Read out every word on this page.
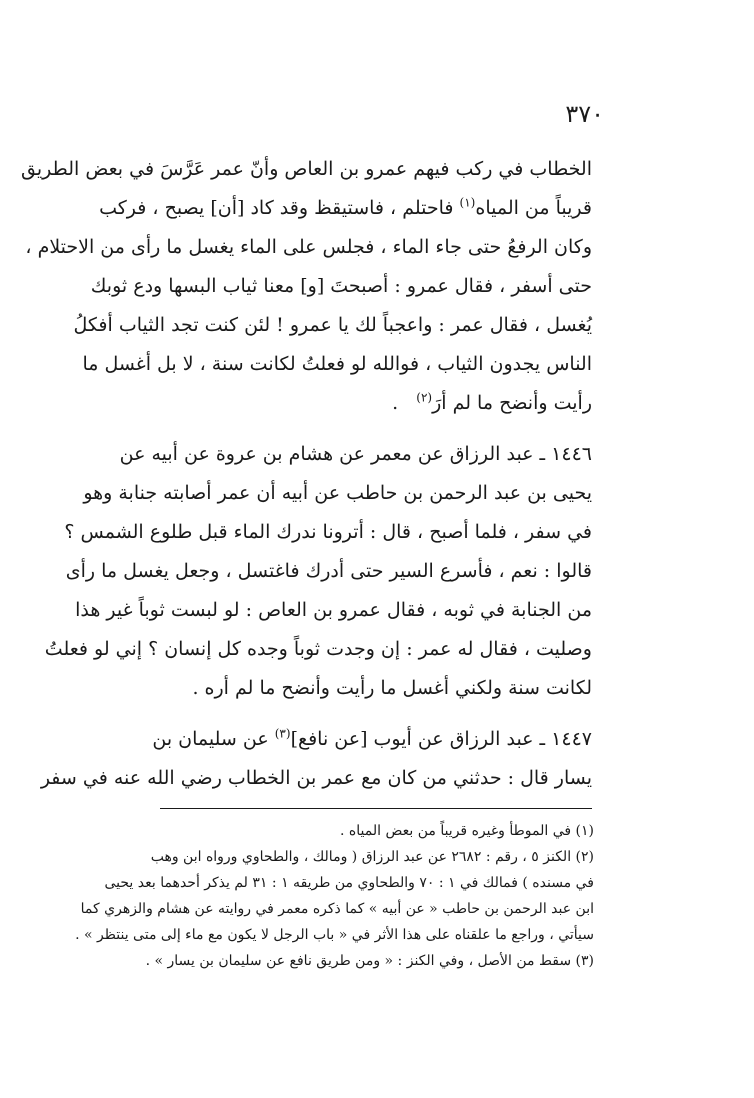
٣٧٠
الخطاب في ركب فيهم عمرو بن العاص وأنّ عمر عَرَّسَ في بعض الطريق
قريباً من المياه$^{(١)}$ فاحتلم ، فاستيقظ وقد كاد [أن] يصبح ، فركب
وكان الرفعُ حتى جاء الماء ، فجلس على الماء يغسل ما رأى من الاحتلام ،
حتى أسفر ، فقال عمرو : أصبحتَ [و] معنا ثياب البسها ودع ثوبك
يُغسل ، فقال عمر : واعجباً لك يا عمرو ! لئن كنت تجد الثياب أفكلُ
الناس يجدون الثياب ، فوالله لو فعلتُ لكانت سنة ، لا بل أغسل ما
رأيت وأنضح ما لم أرَ$^{(٢)}$   .
١٤٤٦ ـ عبد الرزاق عن معمر عن هشام بن عروة عن أبيه عن
يحيى بن عبد الرحمن بن حاطب عن أبيه أن عمر أصابته جنابة وهو
في سفر ، فلما أصبح ، قال : أترونا ندرك الماء قبل طلوع الشمس ؟
قالوا : نعم ، فأسرع السير حتى أدرك فاغتسل ، وجعل يغسل ما رأى
من الجنابة في ثوبه ، فقال عمرو بن العاص : لو لبست ثوباً غير هذا
وصليت ، فقال له عمر : إن وجدت ثوباً وجده كل إنسان ؟ إني لو فعلتُ
لكانت سنة ولكني أغسل ما رأيت وأنضح ما لم أره .
١٤٤٧ ـ عبد الرزاق عن أيوب [عن نافع]$^{(٣)}$ عن سليمان بن
يسار قال : حدثني من كان مع عمر بن الخطاب رضي الله عنه في سفر
(١) في الموطأ وغيره قريباً من بعض المياه .
(٢) الكنز ٥ ، رقم : ٢٦٨٢ عن عبد الرزاق ( ومالك ، والطحاوي ورواه ابن وهب
في مسنده ) فمالك في ١ : ٧٠ والطحاوي من طريقه ١ : ٣١ لم يذكر أحدهما بعد يحيى
ابن عبد الرحمن بن حاطب « عن أبيه » كما ذكره معمر في روايته عن هشام والزهري كما
سيأتي ، وراجع ما علقناه على هذا الأثر في « باب الرجل لا يكون مع ماء إلى متى ينتظر » .
(٣) سقط من الأصل ، وفي الكنز : « ومن طريق نافع عن سليمان بن يسار » .
